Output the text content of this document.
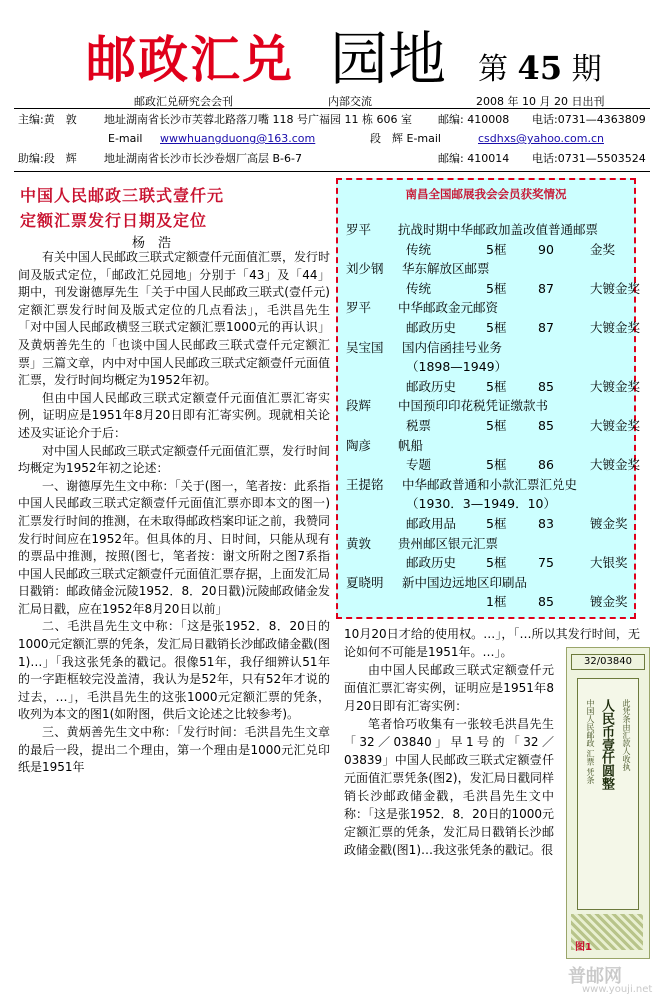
邮政汇兑 园地 第 45 期
邮政汇兑研究会会刊	内部交流	2008 年 10 月 20 日出刊
主编:黄　敦 地址湖南省长沙市芙蓉北路落刀嘴 118 号广福园 11 栋 606 室 邮编: 410008 电话:0731—4363809
E-mail wwwhuangduong@163.com	段　辉 E-mail	csdhxs@yahoo.com.cn
助编:段　辉 地址湖南省长沙市长沙卷烟厂高层 B-6-7	邮编: 410014 电话:0731—5503524
中国人民邮政三联式壹仟元
定额汇票发行日期及定位
杨　浩

有关中国人民邮政三联式定额壹仟元面值汇票，发行时间及版式定位，「邮政汇兑园地」分别于「43」及「44」期中，刊发谢德厚先生「关于中国人民邮政三联式(壹仟元)定额汇票发行时间及版式定位的几点看法」，毛洪昌先生「对中国人民邮政横竖三联式定额汇票1000元的再认识」及黄炳善先生的「也谈中国人民邮政三联式壹仟元定额汇票」三篇文章，内中对中国人民邮政三联式定额壹仟元面值汇票，发行时间均概定为1952年初。

但由中国人民邮政三联式定额壹仟元面值汇票汇寄实例，证明应是1951年8月20日即有汇寄实例。现就相关论述及实证论介于后：

对中国人民邮政三联式定额壹仟元面值汇票，发行时间均概定为1952年初之论述：

一、谢德厚先生文中称：「关于(图一，笔者按：此系指中国人民邮政三联式定额壹仟元面值汇票亦即本文的图一)汇票发行时间的推测，在未取得邮政档案印证之前，我赞同发行时间应在1952年。但具体的月、日时间，只能从现有的票品中推测，按照(图七，笔者按：谢文所附之图7系指中国人民邮政三联式定额壹仟元面值汇票存据，上面发汇局日戳销：邮政储金沅陵1952．8．20日戳)沅陵邮政储金发汇局日戳，应在1952年8月20日以前」

二、毛洪昌先生文中称：「这是张1952．8．20日的1000元定额汇票的凭条，发汇局日戳销长沙邮政储金戳(图1)…」「我这张凭条的戳记。很像51年，我仔细辨认51年的一字距框较完没盖清，我认为是52年，只有52年才说的过去，…」，毛洪昌先生的这张1000元定额汇票的凭条，收列为本文的图1(如附图，供后文论述之比较参考)。

三、黄炳善先生文中称：「发行时间：毛洪昌先生文章的最后一段，提出二个理由，第一个理由是1000元汇兑印纸是1951年

南昌全国邮展我会会员获奖情况
罗平 抗战时期中华邮政加盖改值普通邮票
传统	5框	90	金奖
刘少钢 华东解放区邮票
传统	5框	87	大镀金奖
罗平 中华邮政金元邮资
邮政历史 5框	87	大镀金奖
吴宝国 国内信函挂号业务
（1898—1949）
邮政历史 5框	85	大镀金奖
段辉 中国预印印花税凭证缴款书
税票	5框	85	大镀金奖
陶彦 帆船
专题	5框	86	大镀金奖
王提铭 中华邮政普通和小款汇票汇兑史
（1930．3—1949．10）
邮政用品 5框	83	镀金奖
黄敦 贵州邮区银元汇票
邮政历史 5框	75	大银奖
夏晓明 新中国边远地区印刷品
1框	85	镀金奖

10月20日才给的使用权。…」，「…所以其发行时间，无论如何不可能是1951年。…」。

由中国人民邮政三联式定额壹仟元面值汇票汇寄实例，证明应是1951年8月20日即有汇寄实例：

笔者恰巧收集有一张较毛洪昌先生「32／03840」早1号的「32／03839」中国人民邮政三联式定额壹仟元面值汇票凭条(图2)，发汇局日戳同样销长沙邮政储金戳，毛洪昌先生文中称：「这是张1952．8．20日的1000元定额汇票的凭条，发汇局日戳销长沙邮政储金戳(图1)…我这张凭条的戳记。很

32/03840
中国人民邮政 汇票 凭条 人民币壹仟圆整 此凭条由汇款人收执
图1
普邮网
www.youji.net
